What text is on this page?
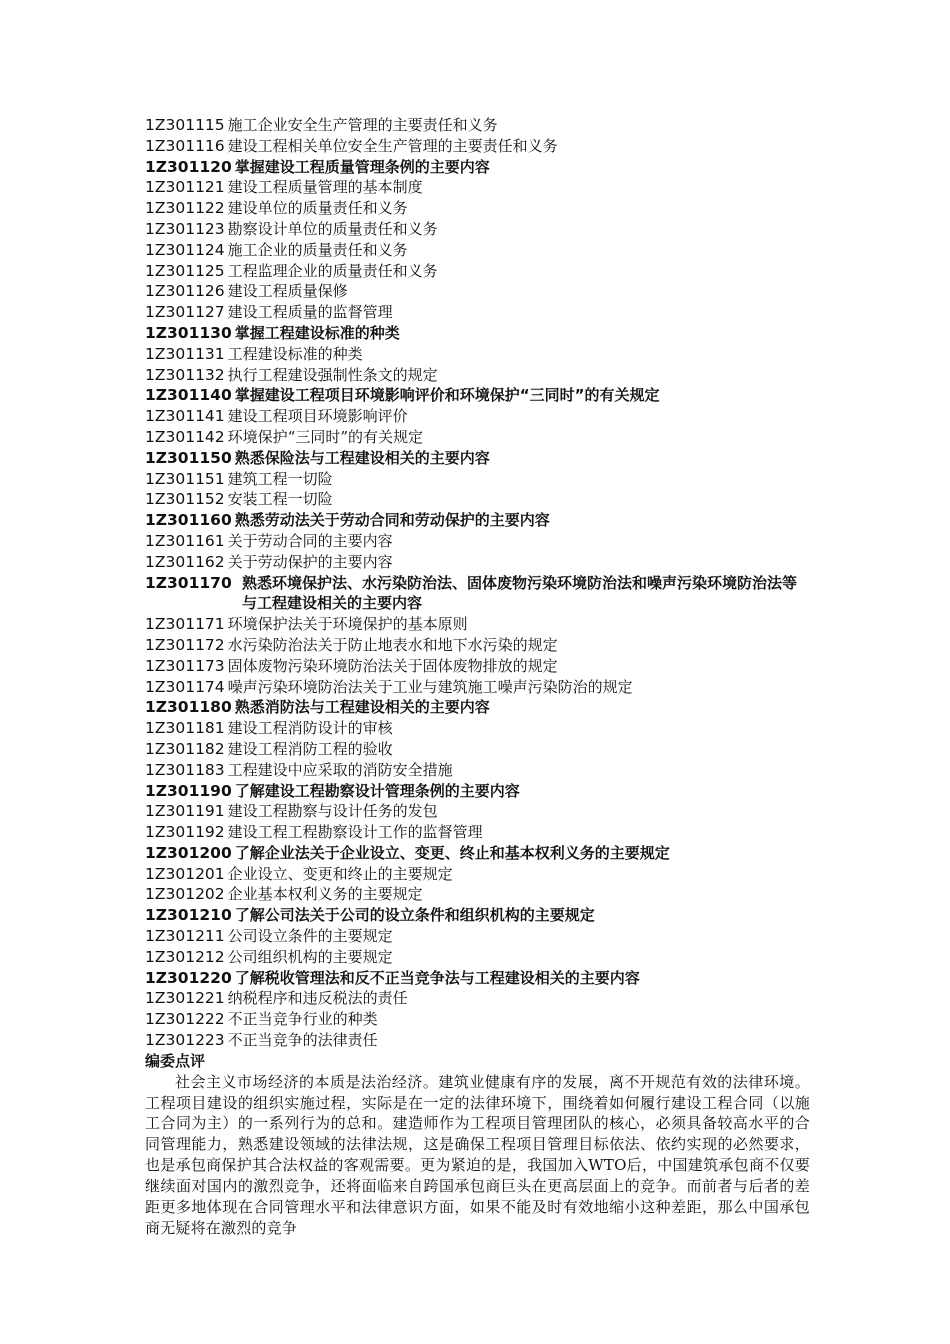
1Z301115 施工企业安全生产管理的主要责任和义务
1Z301116 建设工程相关单位安全生产管理的主要责任和义务
1Z301120 掌握建设工程质量管理条例的主要内容
1Z301121 建设工程质量管理的基本制度
1Z301122 建设单位的质量责任和义务
1Z301123 勘察设计单位的质量责任和义务
1Z301124 施工企业的质量责任和义务
1Z301125 工程监理企业的质量责任和义务
1Z301126 建设工程质量保修
1Z301127 建设工程质量的监督管理
1Z301130 掌握工程建设标准的种类
1Z301131 工程建设标准的种类
1Z301132 执行工程建设强制性条文的规定
1Z301140 掌握建设工程项目环境影响评价和环境保护“三同时”的有关规定
1Z301141 建设工程项目环境影响评价
1Z301142 环境保护“三同时”的有关规定
1Z301150 熟悉保险法与工程建设相关的主要内容
1Z301151 建筑工程一切险
1Z301152 安装工程一切险
1Z301160 熟悉劳动法关于劳动合同和劳动保护的主要内容
1Z301161 关于劳动合同的主要内容
1Z301162 关于劳动保护的主要内容
1Z301170 熟悉环境保护法、水污染防治法、固体废物污染环境防治法和噪声污染环境防治法等与工程建设相关的主要内容
1Z301171 环境保护法关于环境保护的基本原则
1Z301172 水污染防治法关于防止地表水和地下水污染的规定
1Z301173 固体废物污染环境防治法关于固体废物排放的规定
1Z301174 噪声污染环境防治法关于工业与建筑施工噪声污染防治的规定
1Z301180 熟悉消防法与工程建设相关的主要内容
1Z301181 建设工程消防设计的审核
1Z301182 建设工程消防工程的验收
1Z301183 工程建设中应采取的消防安全措施
1Z301190 了解建设工程勘察设计管理条例的主要内容
1Z301191 建设工程勘察与设计任务的发包
1Z301192 建设工程工程勘察设计工作的监督管理
1Z301200 了解企业法关于企业设立、变更、终止和基本权利义务的主要规定
1Z301201 企业设立、变更和终止的主要规定
1Z301202 企业基本权利义务的主要规定
1Z301210 了解公司法关于公司的设立条件和组织机构的主要规定
1Z301211 公司设立条件的主要规定
1Z301212 公司组织机构的主要规定
1Z301220 了解税收管理法和反不正当竞争法与工程建设相关的主要内容
1Z301221 纳税程序和违反税法的责任
1Z301222 不正当竞争行业的种类
1Z301223 不正当竞争的法律责任
编委点评
社会主义市场经济的本质是法治经济。建筑业健康有序的发展，离不开规范有效的法律环境。工程项目建设的组织实施过程，实际是在一定的法律环境下，围绕着如何履行建设工程合同（以施工合同为主）的一系列行为的总和。建造师作为工程项目管理团队的核心，必须具备较高水平的合同管理能力，熟悉建设领域的法律法规，这是确保工程项目管理目标依法、依约实现的必然要求，也是承包商保护其合法权益的客观需要。更为紧迫的是，我国加入WTO后，中国建筑承包商不仅要继续面对国内的激烈竞争，还将面临来自跨国承包商巨头在更高层面上的竞争。而前者与后者的差距更多地体现在合同管理水平和法律意识方面，如果不能及时有效地缩小这种差距，那么中国承包商无疑将在激烈的竞争
